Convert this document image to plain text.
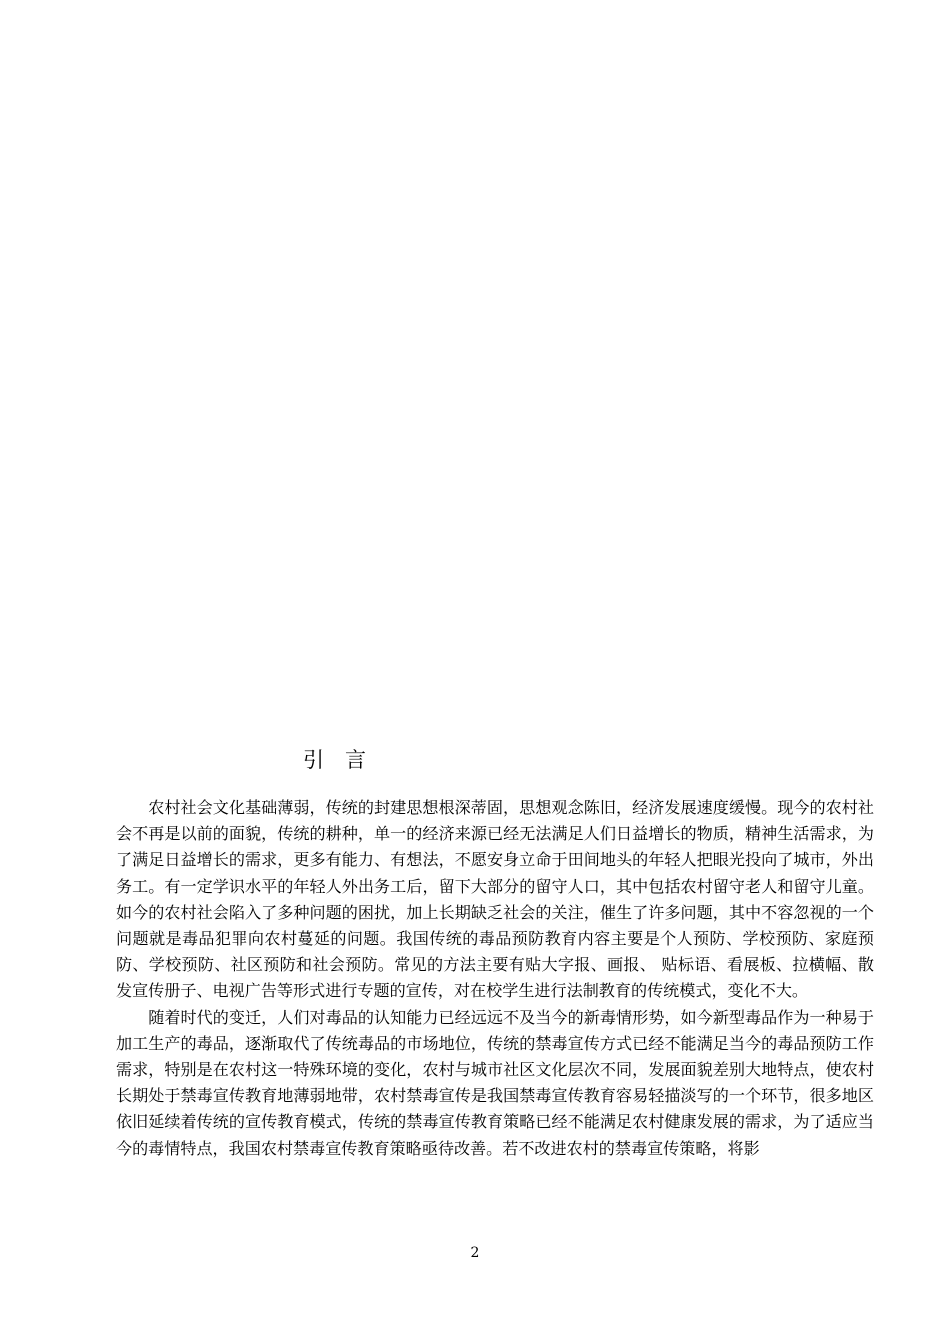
引　言

农村社会文化基础薄弱，传统的封建思想根深蒂固，思想观念陈旧，经济发展速度缓慢。现今的农村社会不再是以前的面貌，传统的耕种，单一的经济来源已经无法满足人们日益增长的物质，精神生活需求，为了满足日益增长的需求，更多有能力、有想法，不愿安身立命于田间地头的年轻人把眼光投向了城市，外出务工。有一定学识水平的年轻人外出务工后，留下大部分的留守人口，其中包括农村留守老人和留守儿童。如今的农村社会陷入了多种问题的困扰，加上长期缺乏社会的关注，催生了许多问题，其中不容忽视的一个问题就是毒品犯罪向农村蔓延的问题。我国传统的毒品预防教育内容主要是个人预防、学校预防、家庭预防、学校预防、社区预防和社会预防。常见的方法主要有贴大字报、画报、 贴标语、看展板、拉横幅、散发宣传册子、电视广告等形式进行专题的宣传，对在校学生进行法制教育的传统模式，变化不大。

随着时代的变迁，人们对毒品的认知能力已经远远不及当今的新毒情形势，如今新型毒品作为一种易于加工生产的毒品，逐渐取代了传统毒品的市场地位，传统的禁毒宣传方式已经不能满足当今的毒品预防工作需求，特别是在农村这一特殊环境的变化，农村与城市社区文化层次不同，发展面貌差别大地特点，使农村长期处于禁毒宣传教育地薄弱地带，农村禁毒宣传是我国禁毒宣传教育容易轻描淡写的一个环节，很多地区依旧延续着传统的宣传教育模式，传统的禁毒宣传教育策略已经不能满足农村健康发展的需求，为了适应当今的毒情特点，我国农村禁毒宣传教育策略亟待改善。若不改进农村的禁毒宣传策略，将影

2
